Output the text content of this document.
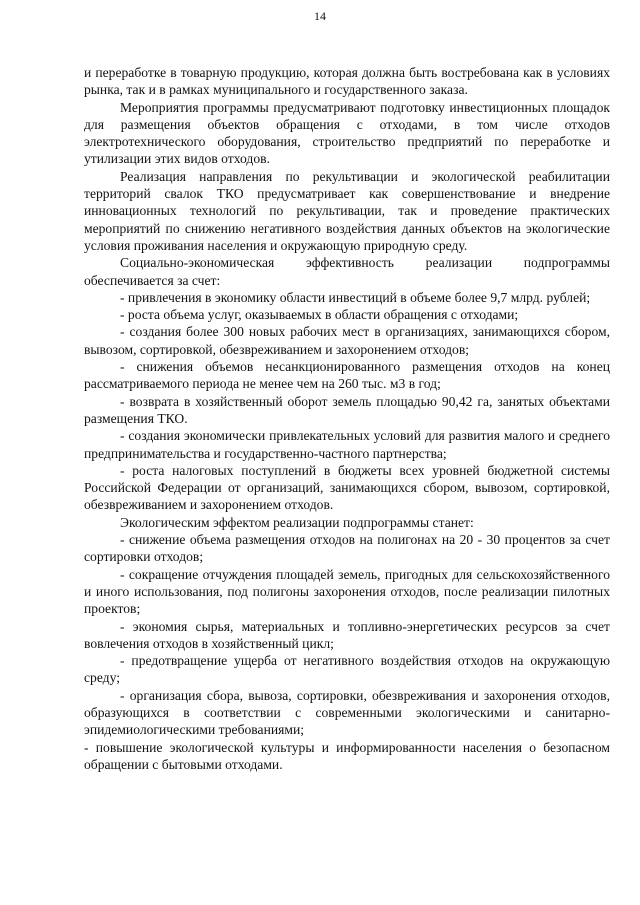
14

и переработке в товарную продукцию, которая должна быть востребована как в условиях рынка, так и в рамках муниципального и государственного заказа.

Мероприятия программы предусматривают подготовку инвестиционных площадок для размещения объектов обращения с отходами, в том числе отходов электротехнического оборудования, строительство предприятий по переработке и утилизации этих видов отходов.

Реализация направления по рекультивации и экологической реабилитации территорий свалок ТКО предусматривает как совершенствование и внедрение инновационных технологий по рекультивации, так и проведение практических мероприятий по снижению негативного воздействия данных объектов на экологические условия проживания населения и окружающую природную среду.

Социально-экономическая эффективность реализации подпрограммы обеспечивается за счет:

- привлечения в экономику области инвестиций в объеме более 9,7 млрд. рублей;

- роста объема услуг, оказываемых в области обращения с отходами;

- создания более 300 новых рабочих мест в организациях, занимающихся сбором, вывозом, сортировкой, обезвреживанием и захоронением отходов;

- снижения объемов несанкционированного размещения отходов на конец рассматриваемого периода не менее чем на 260 тыс. м3 в год;

- возврата в хозяйственный оборот земель площадью 90,42 га, занятых объектами размещения ТКО.

- создания экономически привлекательных условий для развития малого и среднего предпринимательства и государственно-частного партнерства;

- роста налоговых поступлений в бюджеты всех уровней бюджетной системы Российской Федерации от организаций, занимающихся сбором, вывозом, сортировкой, обезвреживанием и захоронением отходов.

Экологическим эффектом реализации подпрограммы станет:

- снижение объема размещения отходов на полигонах на 20 - 30 процентов за счет сортировки отходов;

- сокращение отчуждения площадей земель, пригодных для сельскохозяйственного и иного использования, под полигоны захоронения отходов, после реализации пилотных проектов;

- экономия сырья, материальных и топливно-энергетических ресурсов за счет вовлечения отходов в хозяйственный цикл;

- предотвращение ущерба от негативного воздействия отходов на окружающую среду;

- организация сбора, вывоза, сортировки, обезвреживания и захоронения отходов, образующихся в соответствии с современными экологическими и санитарно-эпидемиологическими требованиями;

- повышение экологической культуры и информированности населения о безопасном обращении с бытовыми отходами.
